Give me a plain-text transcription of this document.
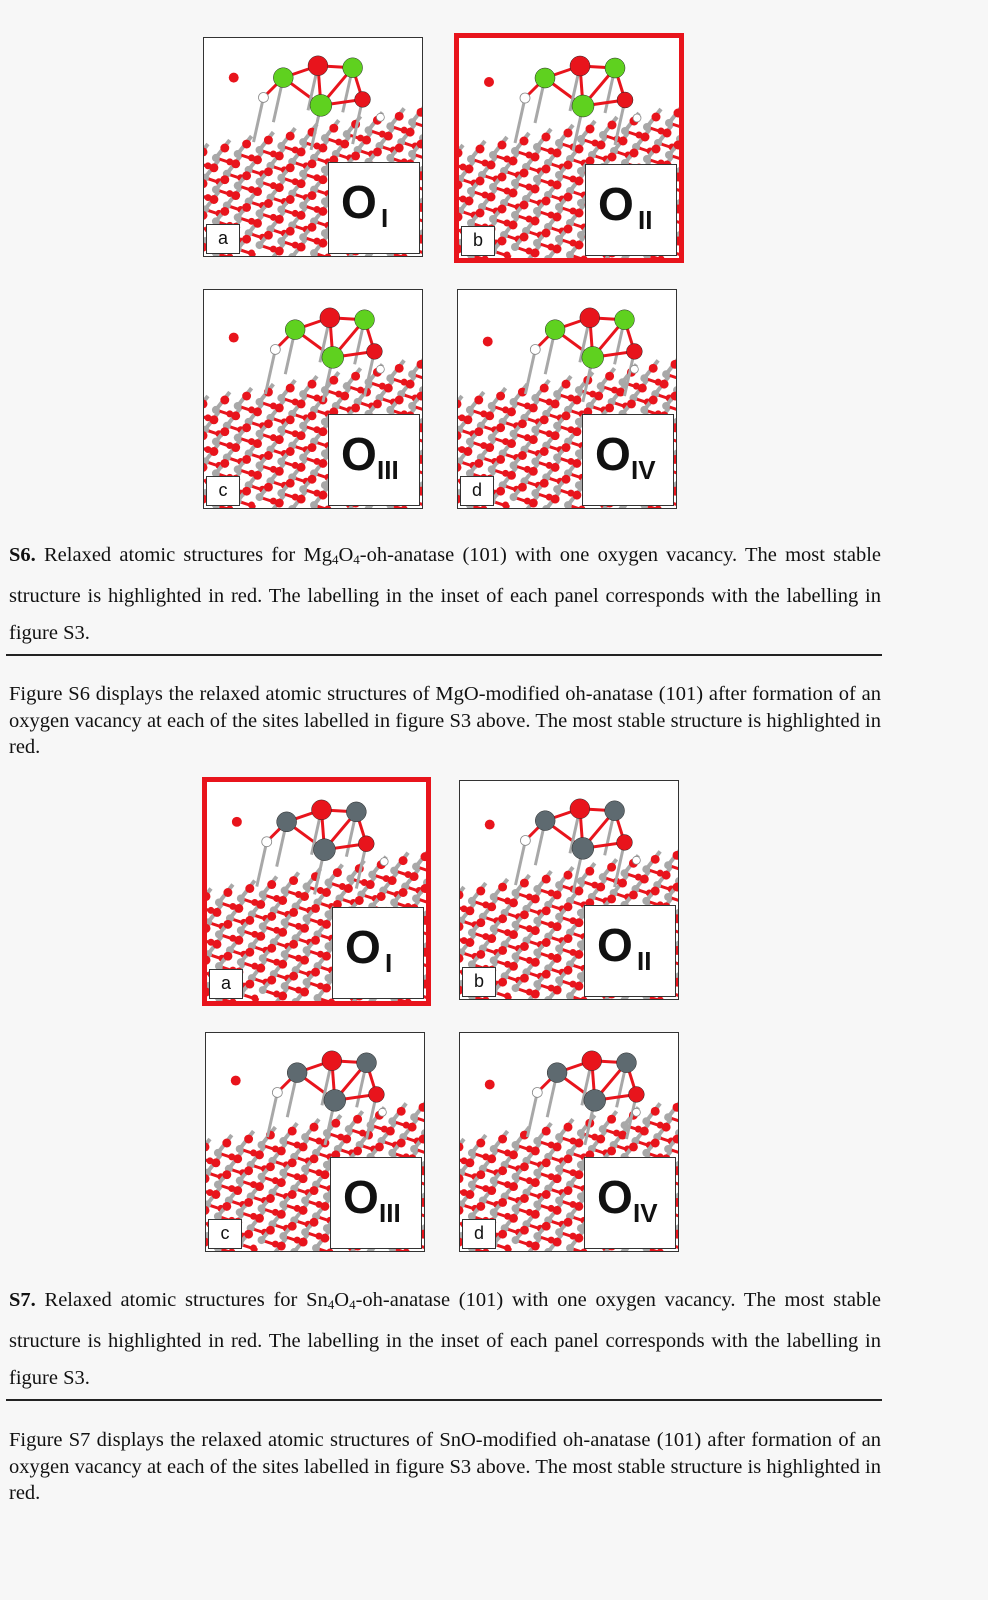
O I
a
O II
b
O III
c
O IV
d
S6. Relaxed atomic structures for $Mg_4O_4-oh$-anatase (101) with one oxygen vacancy. The most stable structure is highlighted in red. The labelling in the inset of each panel corresponds with the labelling in figure S3.
Figure S6 displays the relaxed atomic structures of MgO-modified oh-anatase (101) after formation of an oxygen vacancy at each of the sites labelled in figure S3 above. The most stable structure is highlighted in red.
O I
a
O II
b
O III
c
O IV
d
S7. Relaxed atomic structures for $Sn_4O_4-oh$-anatase (101) with one oxygen vacancy. The most stable structure is highlighted in red. The labelling in the inset of each panel corresponds with the labelling in figure S3.
Figure S7 displays the relaxed atomic structures of SnO-modified oh-anatase (101) after formation of an oxygen vacancy at each of the sites labelled in figure S3 above. The most stable structure is highlighted in red.
